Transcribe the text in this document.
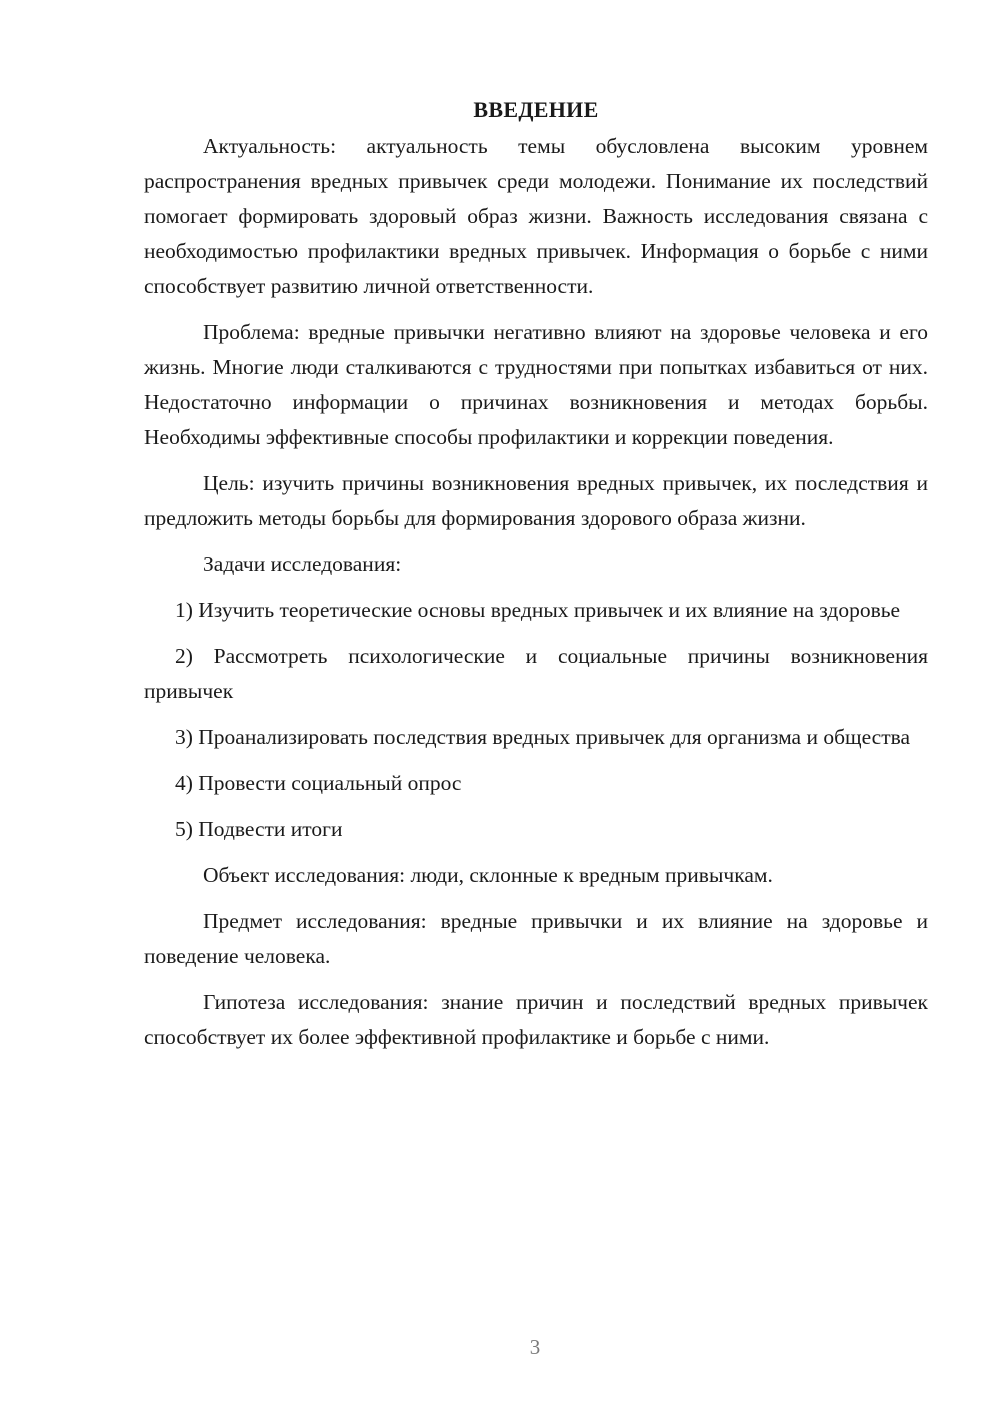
ВВЕДЕНИЕ

Актуальность: актуальность темы обусловлена высоким уровнем распространения вредных привычек среди молодежи. Понимание их последствий помогает формировать здоровый образ жизни. Важность исследования связана с необходимостью профилактики вредных привычек. Информация о борьбе с ними способствует развитию личной ответственности.

Проблема: вредные привычки негативно влияют на здоровье человека и его жизнь. Многие люди сталкиваются с трудностями при попытках избавиться от них. Недостаточно информации о причинах возникновения и методах борьбы. Необходимы эффективные способы профилактики и коррекции поведения.

Цель: изучить причины возникновения вредных привычек, их последствия и предложить методы борьбы для формирования здорового образа жизни.

Задачи исследования:

1) Изучить теоретические основы вредных привычек и их влияние на здоровье

2) Рассмотреть психологические и социальные причины возникновения привычек

3) Проанализировать последствия вредных привычек для организма и общества

4) Провести социальный опрос

5) Подвести итоги

Объект исследования: люди, склонные к вредным привычкам.

Предмет исследования: вредные привычки и их влияние на здоровье и поведение человека.

Гипотеза исследования: знание причин и последствий вредных привычек способствует их более эффективной профилактике и борьбе с ними.

3
